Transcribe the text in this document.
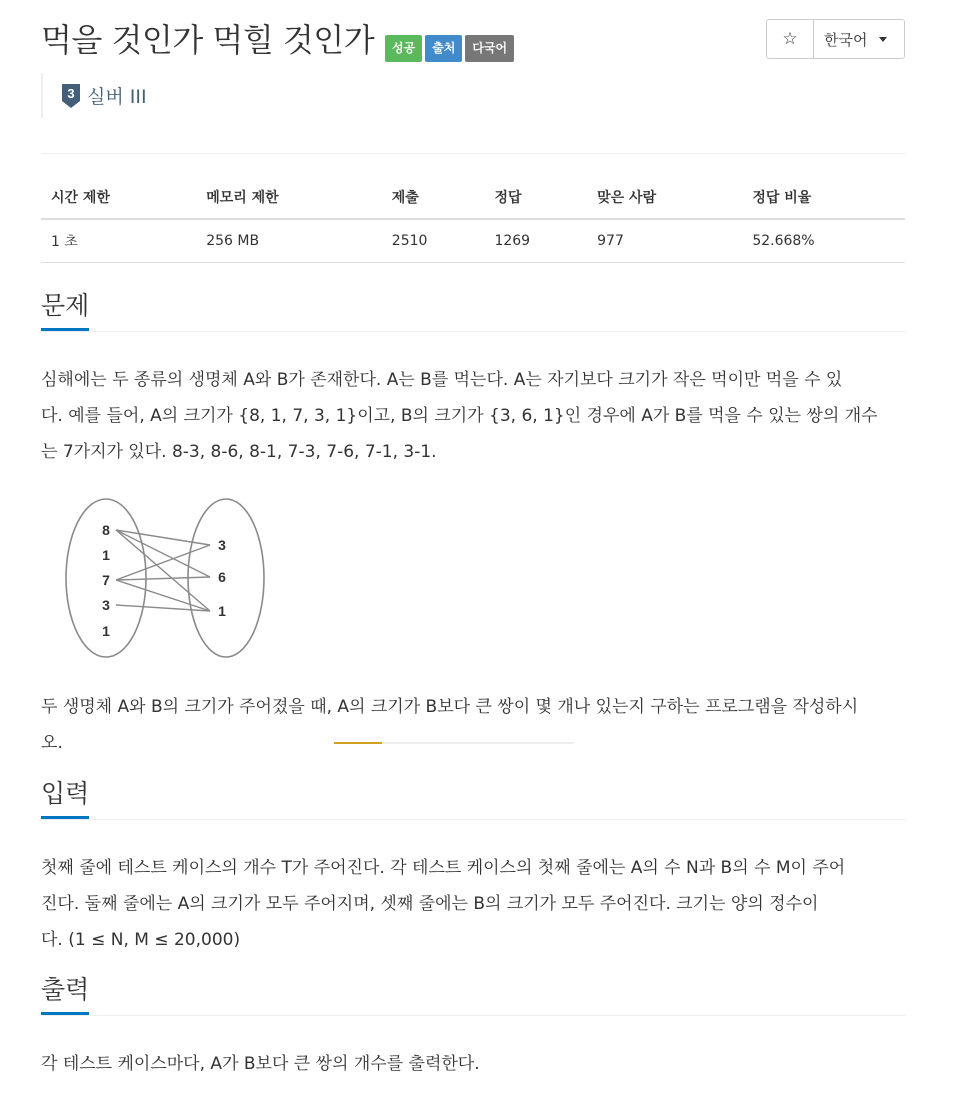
먹을 것인가 먹힐 것인가	성공	출처	다국어	☆ 한국어
3 실버 III
시간 제한	메모리 제한	제출	정답	맞은 사람	정답 비율
1 초	256 MB	2510	1269	977	52.668%
문제
심해에는 두 종류의 생명체 A와 B가 존재한다. A는 B를 먹는다. A는 자기보다 크기가 작은 먹이만 먹을 수 있
다. 예를 들어, A의 크기가 {8, 1, 7, 3, 1}이고, B의 크기가 {3, 6, 1}인 경우에 A가 B를 먹을 수 있는 쌍의 개수
는 7가지가 있다. 8-3, 8-6, 8-1, 7-3, 7-6, 7-1, 3-1.
8
1
7
3
1
3
6
1
두 생명체 A와 B의 크기가 주어졌을 때, A의 크기가 B보다 큰 쌍이 몇 개나 있는지 구하는 프로그램을 작성하시
오.
입력
첫째 줄에 테스트 케이스의 개수 T가 주어진다. 각 테스트 케이스의 첫째 줄에는 A의 수 N과 B의 수 M이 주어
진다. 둘째 줄에는 A의 크기가 모두 주어지며, 셋째 줄에는 B의 크기가 모두 주어진다. 크기는 양의 정수이
다. (1 ≤ N, M ≤ 20,000)
출력
각 테스트 케이스마다, A가 B보다 큰 쌍의 개수를 출력한다.
